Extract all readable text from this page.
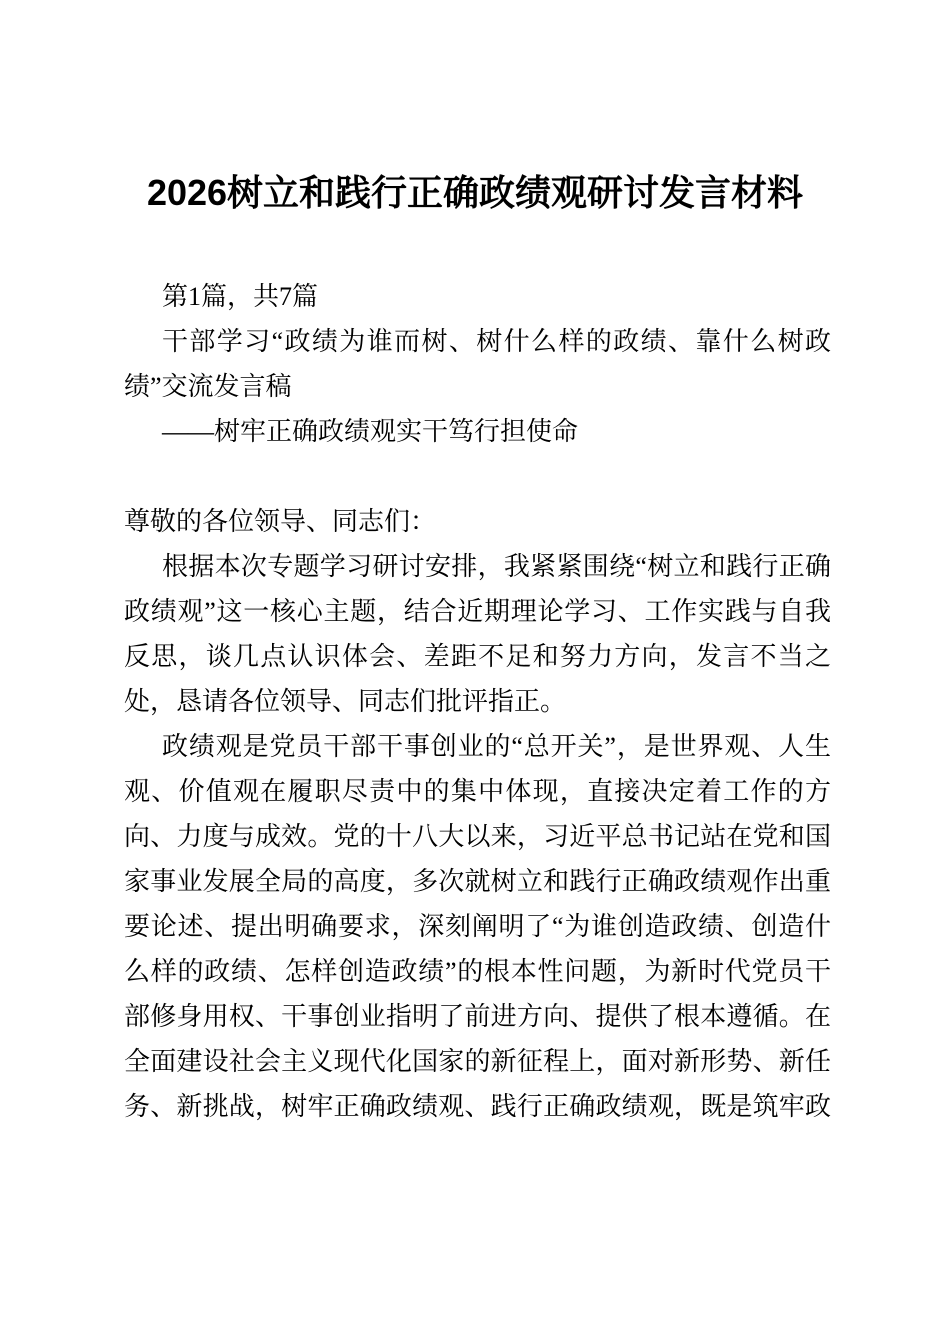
2026树立和践行正确政绩观研讨发言材料

第1篇，共7篇

干部学习“政绩为谁而树、树什么样的政绩、靠什么树政绩”交流发言稿

——树牢正确政绩观实干笃行担使命

尊敬的各位领导、同志们：

根据本次专题学习研讨安排，我紧紧围绕“树立和践行正确政绩观”这一核心主题，结合近期理论学习、工作实践与自我反思，谈几点认识体会、差距不足和努力方向，发言不当之处，恳请各位领导、同志们批评指正。

政绩观是党员干部干事创业的“总开关”，是世界观、人生观、价值观在履职尽责中的集中体现，直接决定着工作的方向、力度与成效。党的十八大以来，习近平总书记站在党和国家事业发展全局的高度，多次就树立和践行正确政绩观作出重要论述、提出明确要求，深刻阐明了“为谁创造政绩、创造什么样的政绩、怎样创造政绩”的根本性问题，为新时代党员干部修身用权、干事创业指明了前进方向、提供了根本遵循。在全面建设社会主义现代化国家的新征程上，面对新形势、新任务、新挑战，树牢正确政绩观、践行正确政绩观，既是筑牢政
